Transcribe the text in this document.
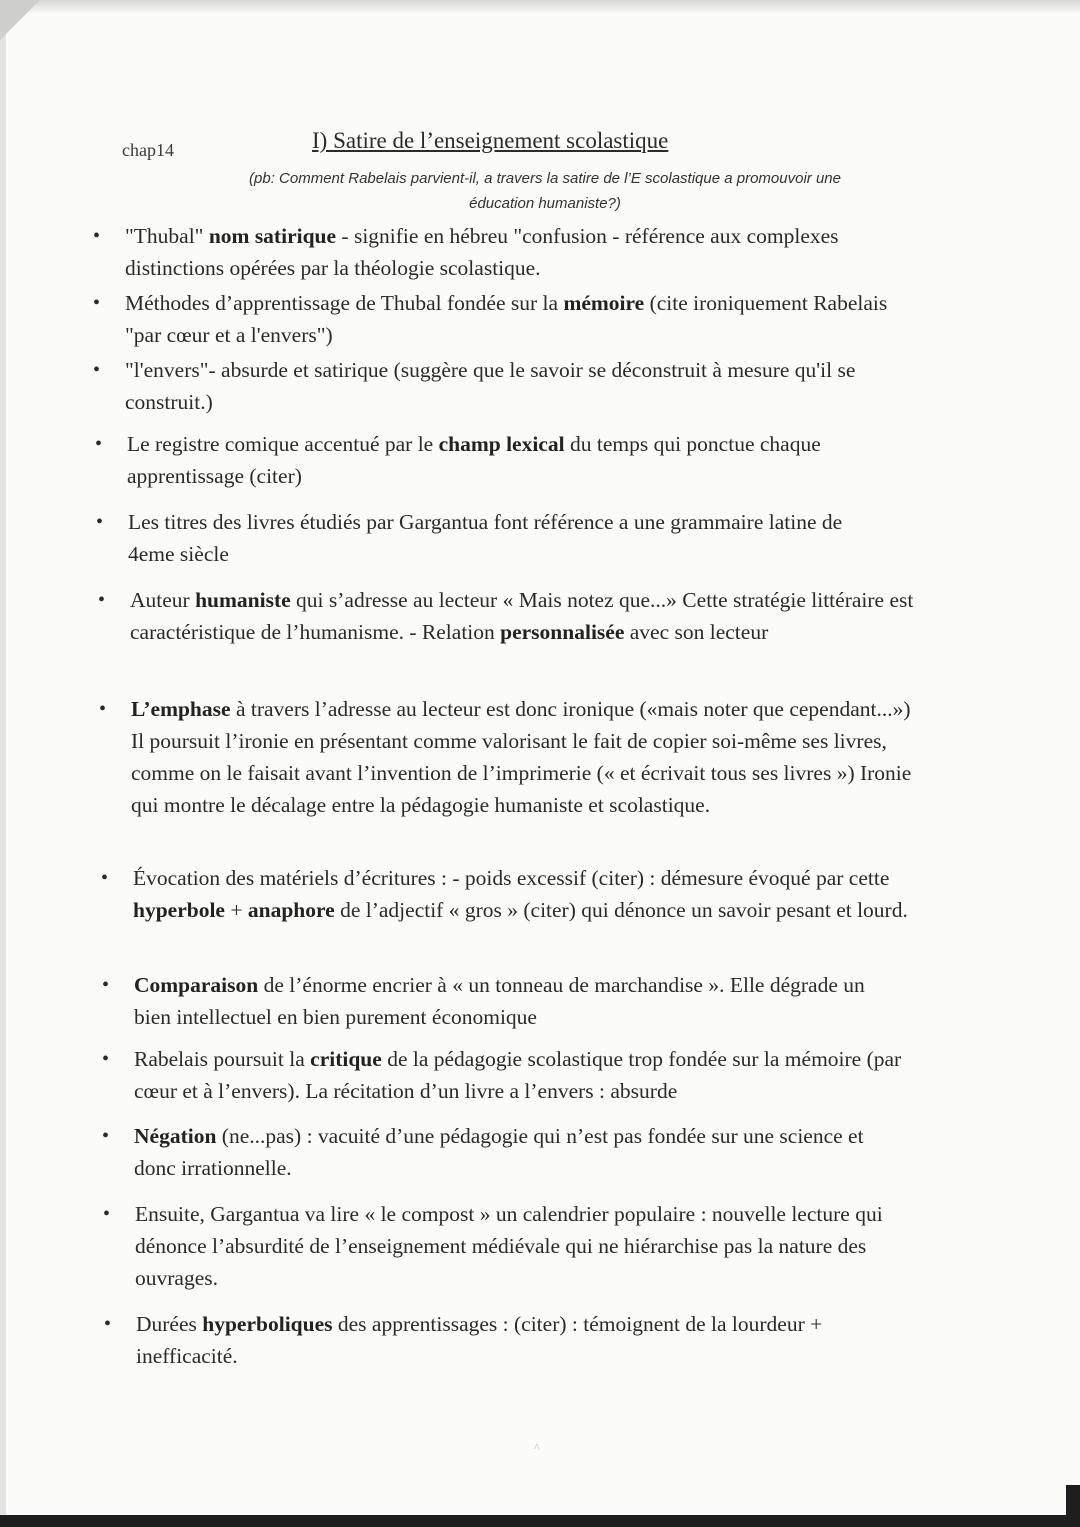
chap14	I) Satire de l’enseignement scolastique
(pb: Comment Rabelais parvient-il, a travers la satire de l’E scolastique a promouvoir une
éducation humaniste?)
• "Thubal" nom satirique - signifie en hébreu "confusion - référence aux complexes distinctions opérées par la théologie scolastique.
• Méthodes d’apprentissage de Thubal fondée sur la mémoire (cite ironiquement Rabelais "par cœur et a l'envers")
• "l'envers"- absurde et satirique (suggère que le savoir se déconstruit à mesure qu'il se construit.)
• Le registre comique accentué par le champ lexical du temps qui ponctue chaque apprentissage (citer)
• Les titres des livres étudiés par Gargantua font référence a une grammaire latine de 4eme siècle
• Auteur humaniste qui s’adresse au lecteur « Mais notez que...» Cette stratégie littéraire est caractéristique de l’humanisme. - Relation personnalisée avec son lecteur
• L’emphase à travers l’adresse au lecteur est donc ironique («mais noter que cependant...») Il poursuit l’ironie en présentant comme valorisant le fait de copier soi-même ses livres, comme on le faisait avant l’invention de l’imprimerie (« et écrivait tous ses livres ») Ironie qui montre le décalage entre la pédagogie humaniste et scolastique.
• Évocation des matériels d’écritures : - poids excessif (citer) : démesure évoqué par cette hyperbole + anaphore de l’adjectif « gros » (citer) qui dénonce un savoir pesant et lourd.
• Comparaison de l’énorme encrier à « un tonneau de marchandise ». Elle dégrade un bien intellectuel en bien purement économique
• Rabelais poursuit la critique de la pédagogie scolastique trop fondée sur la mémoire (par cœur et à l’envers). La récitation d’un livre a l’envers : absurde
• Négation (ne...pas) : vacuité d’une pédagogie qui n’est pas fondée sur une science et donc irrationnelle.
• Ensuite, Gargantua va lire « le compost » un calendrier populaire : nouvelle lecture qui dénonce l’absurdité de l’enseignement médiévale qui ne hiérarchise pas la nature des ouvrages.
• Durées hyperboliques des apprentissages : (citer) : témoignent de la lourdeur + inefficacité.
^
